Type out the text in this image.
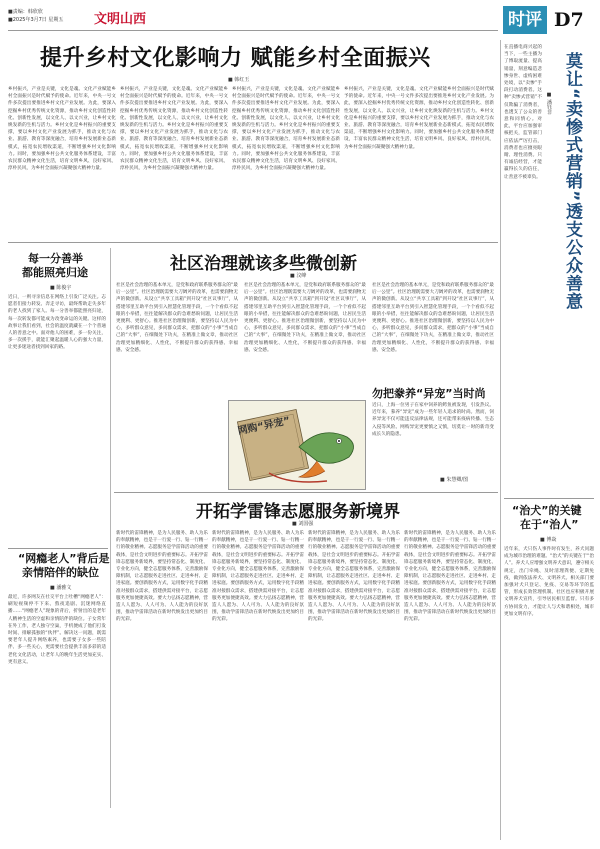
■责编：韩欣欣
■2025年3月7日 星期五 文明山西	时评 D7
提升乡村文化影响力 赋能乡村全面振兴
■ 韩红玉
乡村振兴，产业是关键，文化是魂。文化产业赋能乡村全面振兴是时代赋予的使命。近年来，中央一号文件多次提出要推进乡村文化产业发展。为此，要深入挖掘乡村优秀传统文化资源，推动乡村文化创造性转化、创新性发展，以文化人、以文兴业，让乡村文化焕发新的生机与活力。乡村文化是乡村振兴的重要支撑，要以乡村文化产业发展为抓手，推动文化与农业、旅游、教育等深度融合，培育乡村发展新业态新模式，拓宽农民增收渠道，不断增强乡村文化影响力。同时，要加强乡村公共文化服务体系建设，丰富农民群众精神文化生活，培育文明乡风、良好家风、淳朴民风，为乡村全面振兴凝聚强大精神力量。
乡村振兴，产业是关键，文化是魂。文化产业赋能乡村全面振兴是时代赋予的使命。近年来，中央一号文件多次提出要推进乡村文化产业发展。为此，要深入挖掘乡村优秀传统文化资源，推动乡村文化创造性转化、创新性发展，以文化人、以文兴业，让乡村文化焕发新的生机与活力。乡村文化是乡村振兴的重要支撑，要以乡村文化产业发展为抓手，推动文化与农业、旅游、教育等深度融合，培育乡村发展新业态新模式，拓宽农民增收渠道，不断增强乡村文化影响力。同时，要加强乡村公共文化服务体系建设，丰富农民群众精神文化生活，培育文明乡风、良好家风、淳朴民风，为乡村全面振兴凝聚强大精神力量。
乡村振兴，产业是关键，文化是魂。文化产业赋能乡村全面振兴是时代赋予的使命。近年来，中央一号文件多次提出要推进乡村文化产业发展。为此，要深入挖掘乡村优秀传统文化资源，推动乡村文化创造性转化、创新性发展，以文化人、以文兴业，让乡村文化焕发新的生机与活力。乡村文化是乡村振兴的重要支撑，要以乡村文化产业发展为抓手，推动文化与农业、旅游、教育等深度融合，培育乡村发展新业态新模式，拓宽农民增收渠道，不断增强乡村文化影响力。同时，要加强乡村公共文化服务体系建设，丰富农民群众精神文化生活，培育文明乡风、良好家风、淳朴民风，为乡村全面振兴凝聚强大精神力量。
乡村振兴，产业是关键，文化是魂。文化产业赋能乡村全面振兴是时代赋予的使命。近年来，中央一号文件多次提出要推进乡村文化产业发展。为此，要深入挖掘乡村优秀传统文化资源，推动乡村文化创造性转化、创新性发展，以文化人、以文兴业，让乡村文化焕发新的生机与活力。乡村文化是乡村振兴的重要支撑，要以乡村文化产业发展为抓手，推动文化与农业、旅游、教育等深度融合，培育乡村发展新业态新模式，拓宽农民增收渠道，不断增强乡村文化影响力。同时，要加强乡村公共文化服务体系建设，丰富农民群众精神文化生活，培育文明乡风、良好家风、淳朴民风，为乡村全面振兴凝聚强大精神力量。
每一分善举
都能照亮归途
■ 陈俊宇
近日，一则寻亲信息在网络上引发广泛关注。志愿者们接力转发、奔走寻访，最终帮助走失多年的老人找到了家人。每一分善举都能照亮归途，每一次转发都可能成为改变命运的关键。这样的故事让我们看到，社会的温度就藏在一个个普通人的善意之中。面对他人的困难，多一份关注，多一次援手，就能汇聚起温暖人心的强大力量，让更多迷途者找到回家的路。
“网瘾老人”背后是
亲情陪伴的缺位
■ 潘雅文
最近，许多网友在社交平台上吐槽“网瘾老人”：刷短视频停不下来、熬夜追剧、沉迷网络直播……“网瘾老人”现象的背后，折射出的是老年人精神生活的空虚和亲情陪伴的缺位。子女常年在外工作，老人独守空巢，手机便成了他们打发时间、排解孤独的“伙伴”。解决这一问题，既需要老年人提升网络素养，也需要子女多一些陪伴、多一些关心，更需要社会提供丰富多彩的适老化文化活动，让老年人的晚年生活更加充实、更有意义。
社区治理就该多些微创新
■ 汶峰
社区是社会治理的基本单元，是党和政府联系服务群众的“最后一公里”。社区治理既需要大刀阔斧的改革，也需要润物无声的微创新。从设立“共享工具箱”到开设“社区议事厅”，从搭建邻里互助平台到引入智慧化管理手段，一个个看似不起眼的小举措，往往能解决群众的急难愁盼问题，让居民生活更便利、更舒心。推进社区治理微创新，要坚持以人民为中心，多听群众意见，多问群众需求，把群众的“小事”当成自己的“大事”，在细微处下功夫，在精准上做文章，推动社区治理更加精细化、人性化，不断提升群众的获得感、幸福感、安全感。
社区是社会治理的基本单元，是党和政府联系服务群众的“最后一公里”。社区治理既需要大刀阔斧的改革，也需要润物无声的微创新。从设立“共享工具箱”到开设“社区议事厅”，从搭建邻里互助平台到引入智慧化管理手段，一个个看似不起眼的小举措，往往能解决群众的急难愁盼问题，让居民生活更便利、更舒心。推进社区治理微创新，要坚持以人民为中心，多听群众意见，多问群众需求，把群众的“小事”当成自己的“大事”，在细微处下功夫，在精准上做文章，推动社区治理更加精细化、人性化，不断提升群众的获得感、幸福感、安全感。
社区是社会治理的基本单元，是党和政府联系服务群众的“最后一公里”。社区治理既需要大刀阔斧的改革，也需要润物无声的微创新。从设立“共享工具箱”到开设“社区议事厅”，从搭建邻里互助平台到引入智慧化管理手段，一个个看似不起眼的小举措，往往能解决群众的急难愁盼问题，让居民生活更便利、更舒心。推进社区治理微创新，要坚持以人民为中心，多听群众意见，多问群众需求，把群众的“小事”当成自己的“大事”，在细微处下功夫，在精准上做文章，推动社区治理更加精细化、人性化，不断提升群众的获得感、幸福感、安全感。
勿把豢养“异宠”当时尚
网购“异宠”
近日，上海一位男子在家中饲养的鳄鱼被发现，引发热议。近年来，豢养“异宠”成为一些年轻人追求的时尚。然而，饲养异宠不仅可能违反法律法规，还可能带来疫病传播、生态入侵等风险。网购异宠更要慎之又慎，切莫让一时的新奇变成长久的隐患。
■ 朱慧卿/图
开拓学雷锋志愿服务新境界
■ 刘国强
新时代的雷锋精神，是为人民服务、助人为乐的奉献精神，也是干一行爱一行、钻一行精一行的敬业精神。志愿服务是学雷锋活动的重要载体，是社会文明进步的重要标志。开拓学雷锋志愿服务新境界，要坚持常态化、制度化、专业化方向，健全志愿服务体系，完善激励保障机制，让志愿服务走进社区、走进乡村、走进家庭。要创新服务方式，运用数字化手段精准对接群众需求，搭建供需对接平台，让志愿服务更加便捷高效。要大力弘扬志愿精神，营造人人愿为、人人可为、人人能为的良好氛围，推动学雷锋活动在新时代焕发出更加灼目的光彩。
新时代的雷锋精神，是为人民服务、助人为乐的奉献精神，也是干一行爱一行、钻一行精一行的敬业精神。志愿服务是学雷锋活动的重要载体，是社会文明进步的重要标志。开拓学雷锋志愿服务新境界，要坚持常态化、制度化、专业化方向，健全志愿服务体系，完善激励保障机制，让志愿服务走进社区、走进乡村、走进家庭。要创新服务方式，运用数字化手段精准对接群众需求，搭建供需对接平台，让志愿服务更加便捷高效。要大力弘扬志愿精神，营造人人愿为、人人可为、人人能为的良好氛围，推动学雷锋活动在新时代焕发出更加灼目的光彩。
新时代的雷锋精神，是为人民服务、助人为乐的奉献精神，也是干一行爱一行、钻一行精一行的敬业精神。志愿服务是学雷锋活动的重要载体，是社会文明进步的重要标志。开拓学雷锋志愿服务新境界，要坚持常态化、制度化、专业化方向，健全志愿服务体系，完善激励保障机制，让志愿服务走进社区、走进乡村、走进家庭。要创新服务方式，运用数字化手段精准对接群众需求，搭建供需对接平台，让志愿服务更加便捷高效。要大力弘扬志愿精神，营造人人愿为、人人可为、人人能为的良好氛围，推动学雷锋活动在新时代焕发出更加灼目的光彩。
新时代的雷锋精神，是为人民服务、助人为乐的奉献精神，也是干一行爱一行、钻一行精一行的敬业精神。志愿服务是学雷锋活动的重要载体，是社会文明进步的重要标志。开拓学雷锋志愿服务新境界，要坚持常态化、制度化、专业化方向，健全志愿服务体系，完善激励保障机制，让志愿服务走进社区、走进乡村、走进家庭。要创新服务方式，运用数字化手段精准对接群众需求，搭建供需对接平台，让志愿服务更加便捷高效。要大力弘扬志愿精神，营造人人愿为、人人可为、人人能为的良好氛围，推动学雷锋活动在新时代焕发出更加灼目的光彩。
莫让“卖惨式营销”透支公众善意
■ 潘钰非
在直播电商兴起的当下，一些主播为了博取流量、提高销量，刻意编造悲惨身世、虚构困难处境，以“卖惨”手段打动消费者。这种“卖惨式营销”不仅欺骗了消费者，也透支了公众的善意和同情心。对此，平台应加强审核把关，监管部门应依法严厉打击，消费者也应擅亮眼睛、理性消费。只有诚信经营，才能赢得长久的信任，让善意不被辜负。
“治犬”的关键
在于“治人”
■ 博焱
近年来，犬只伤人事件时有发生，养犬问题成为城市治理的难题。“治犬”的关键在于“治人”。养犬人应增强文明养犬意识，遵守相关规定，出门牵绳、及时清理粪便、定期免疫，做到依法养犬、文明养犬。相关部门要加强对犬只登记、免疫、交易等环节的监管，形成长效管理机制。社区也应积极开展文明养犬宣传，引导居民相互监督。只有多方协同发力，才能让人与犬和谐相处，城市更加文明有序。
